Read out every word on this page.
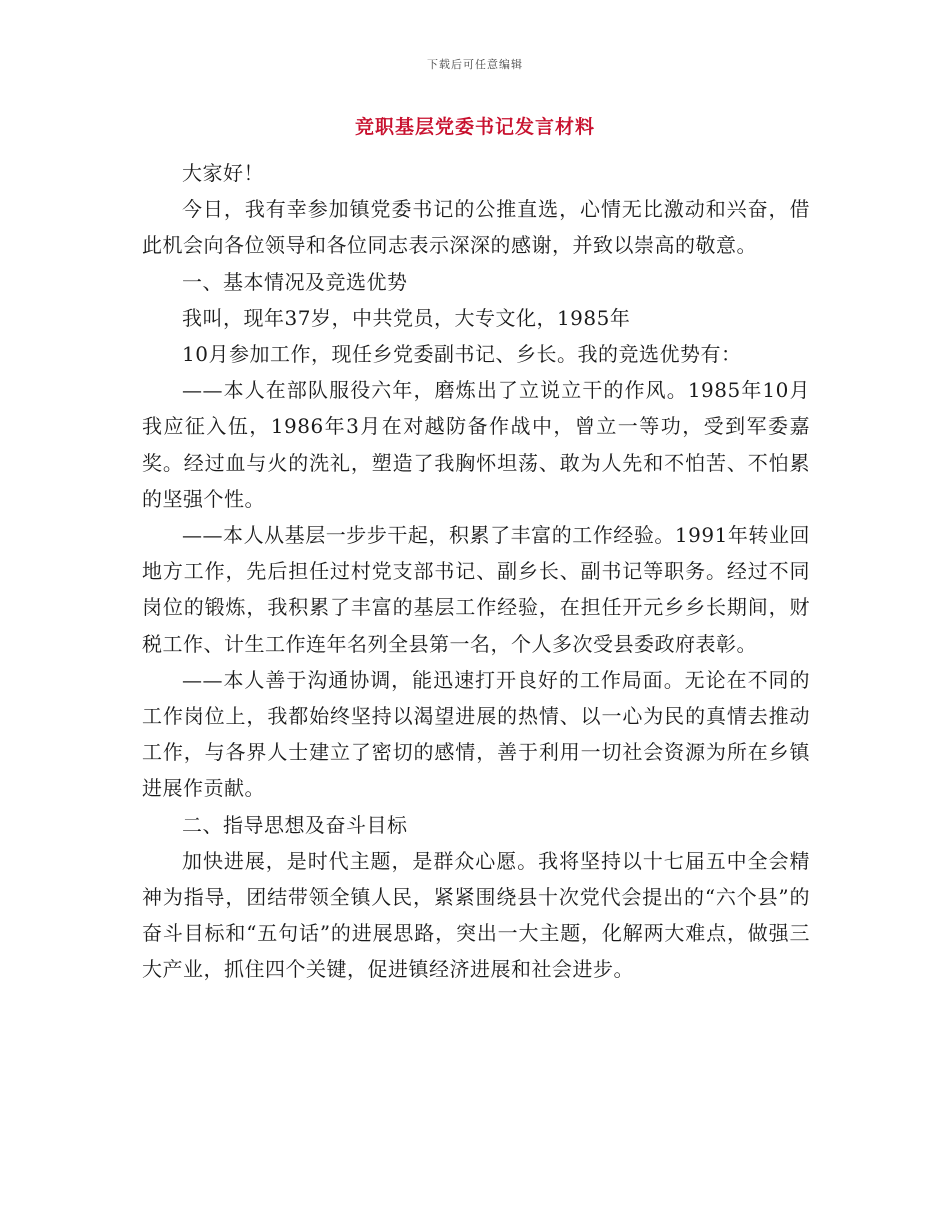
下载后可任意编辑
竞职基层党委书记发言材料

大家好！

今日，我有幸参加镇党委书记的公推直选，心情无比激动和兴奋，借此机会向各位领导和各位同志表示深深的感谢，并致以崇高的敬意。

一、基本情况及竞选优势

我叫，现年37岁，中共党员，大专文化，1985年

10月参加工作，现任乡党委副书记、乡长。我的竞选优势有：

——本人在部队服役六年，磨炼出了立说立干的作风。1985年10月我应征入伍，1986年3月在对越防备作战中，曾立一等功，受到军委嘉奖。经过血与火的洗礼，塑造了我胸怀坦荡、敢为人先和不怕苦、不怕累的坚强个性。

——本人从基层一步步干起，积累了丰富的工作经验。1991年转业回地方工作，先后担任过村党支部书记、副乡长、副书记等职务。经过不同岗位的锻炼，我积累了丰富的基层工作经验，在担任开元乡乡长期间，财税工作、计生工作连年名列全县第一名，个人多次受县委政府表彰。

——本人善于沟通协调，能迅速打开良好的工作局面。无论在不同的工作岗位上，我都始终坚持以渴望进展的热情、以一心为民的真情去推动工作，与各界人士建立了密切的感情，善于利用一切社会资源为所在乡镇进展作贡献。

二、指导思想及奋斗目标

加快进展，是时代主题，是群众心愿。我将坚持以十七届五中全会精神为指导，团结带领全镇人民，紧紧围绕县十次党代会提出的“六个县”的奋斗目标和“五句话”的进展思路，突出一大主题，化解两大难点，做强三大产业，抓住四个关键，促进镇经济进展和社会进步。
